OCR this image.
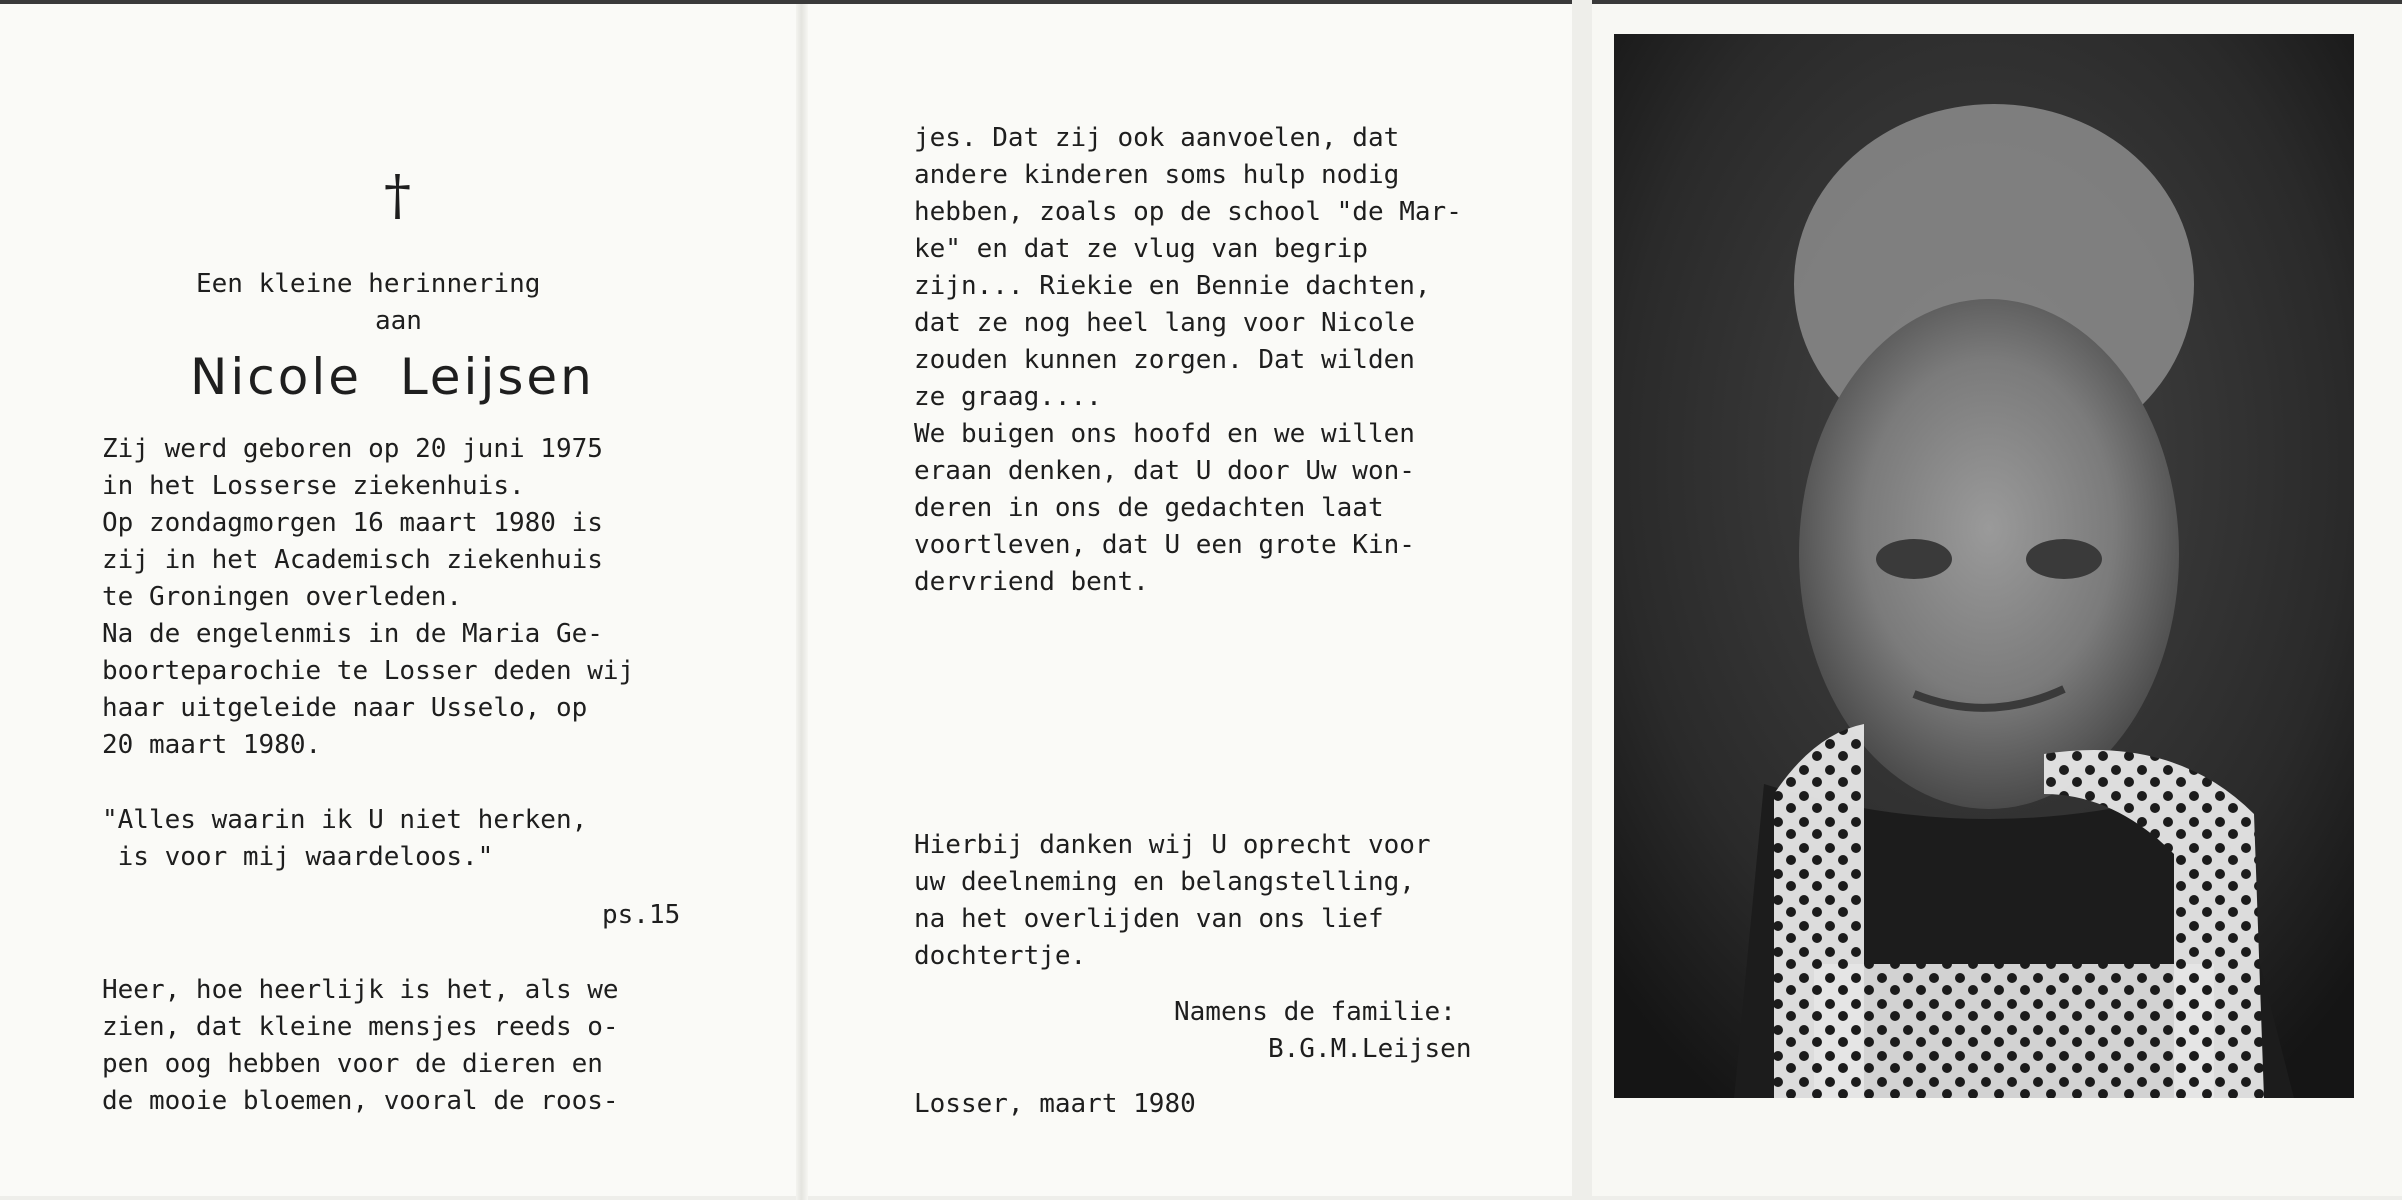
†
Een kleine herinnering
aan
Nicole  Leijsen
Zij werd geboren op 20 juni 1975
in het Losserse ziekenhuis.
Op zondagmorgen 16 maart 1980 is
zij in het Academisch ziekenhuis
te Groningen overleden.
Na de engelenmis in de Maria Ge-
boorteparochie te Losser deden wij
haar uitgeleide naar Usselo, op
20 maart 1980.
"Alles waarin ik U niet herken,
is voor mij waardeloos."
ps.15
Heer, hoe heerlijk is het, als we
zien, dat kleine mensjes reeds o-
pen oog hebben voor de dieren en
de mooie bloemen, vooral de roos-
jes. Dat zij ook aanvoelen, dat
andere kinderen soms hulp nodig
hebben, zoals op de school "de Mar-
ke" en dat ze vlug van begrip
zijn... Riekie en Bennie dachten,
dat ze nog heel lang voor Nicole
zouden kunnen zorgen. Dat wilden
ze graag....
We buigen ons hoofd en we willen
eraan denken, dat U door Uw won-
deren in ons de gedachten laat
voortleven, dat U een grote Kin-
dervriend bent.
Hierbij danken wij U oprecht voor
uw deelneming en belangstelling,
na het overlijden van ons lief
dochtertje.
Namens de familie:
B.G.M.Leijsen
Losser, maart 1980
